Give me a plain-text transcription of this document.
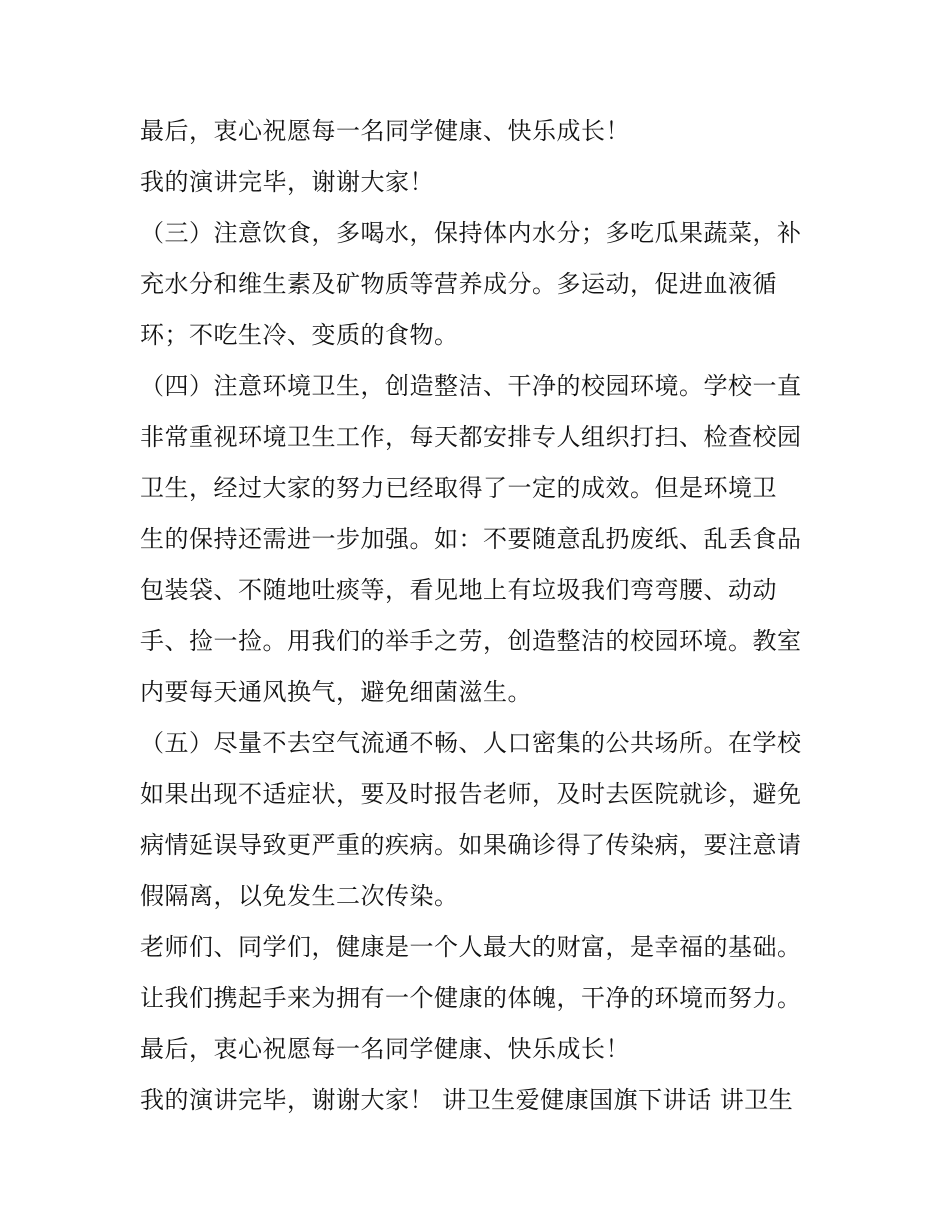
最后，衷心祝愿每一名同学健康、快乐成长！
我的演讲完毕，谢谢大家！
（三）注意饮食，多喝水，保持体内水分；多吃瓜果蔬菜，补
充水分和维生素及矿物质等营养成分。多运动，促进血液循
环；不吃生冷、变质的食物。
（四）注意环境卫生，创造整洁、干净的校园环境。学校一直
非常重视环境卫生工作，每天都安排专人组织打扫、检查校园
卫生，经过大家的努力已经取得了一定的成效。但是环境卫
生的保持还需进一步加强。如：不要随意乱扔废纸、乱丢食品
包装袋、不随地吐痰等，看见地上有垃圾我们弯弯腰、动动
手、捡一捡。用我们的举手之劳，创造整洁的校园环境。教室
内要每天通风换气，避免细菌滋生。
（五）尽量不去空气流通不畅、人口密集的公共场所。在学校
如果出现不适症状，要及时报告老师，及时去医院就诊，避免
病情延误导致更严重的疾病。如果确诊得了传染病，要注意请
假隔离，以免发生二次传染。
老师们、同学们，健康是一个人最大的财富，是幸福的基础。
让我们携起手来为拥有一个健康的体魄，干净的环境而努力。
最后，衷心祝愿每一名同学健康、快乐成长！
我的演讲完毕，谢谢大家！ 讲卫生爱健康国旗下讲话 讲卫生
